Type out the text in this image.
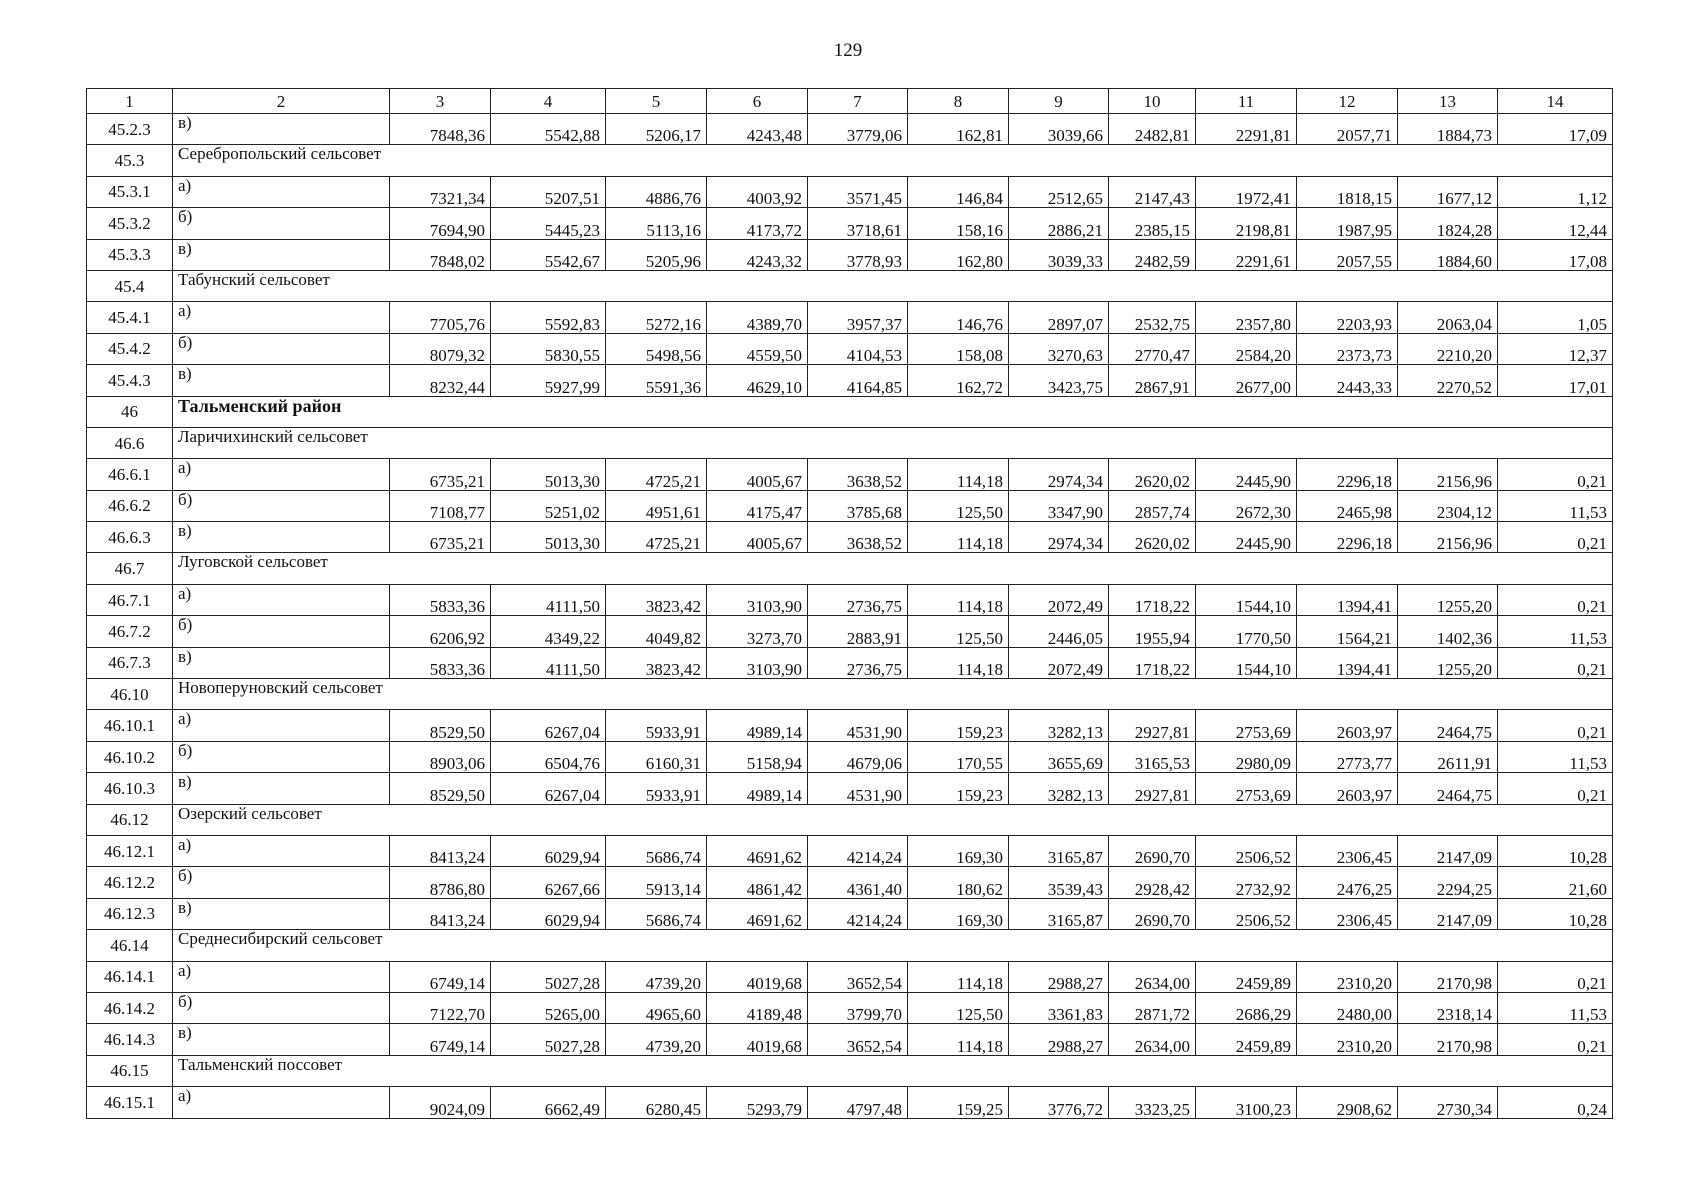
129
1	2	3	4	5	6	7	8	9	10	11	12	13	14
45.2.3	в)	7848,36	5542,88	5206,17	4243,48	3779,06	162,81	3039,66	2482,81	2291,81	2057,71	1884,73	17,09
45.3	Серебропольский сельсовет												
45.3.1	а)	7321,34	5207,51	4886,76	4003,92	3571,45	146,84	2512,65	2147,43	1972,41	1818,15	1677,12	1,12
45.3.2	б)	7694,90	5445,23	5113,16	4173,72	3718,61	158,16	2886,21	2385,15	2198,81	1987,95	1824,28	12,44
45.3.3	в)	7848,02	5542,67	5205,96	4243,32	3778,93	162,80	3039,33	2482,59	2291,61	2057,55	1884,60	17,08
45.4	Табунский сельсовет												
45.4.1	а)	7705,76	5592,83	5272,16	4389,70	3957,37	146,76	2897,07	2532,75	2357,80	2203,93	2063,04	1,05
45.4.2	б)	8079,32	5830,55	5498,56	4559,50	4104,53	158,08	3270,63	2770,47	2584,20	2373,73	2210,20	12,37
45.4.3	в)	8232,44	5927,99	5591,36	4629,10	4164,85	162,72	3423,75	2867,91	2677,00	2443,33	2270,52	17,01
46	Тальменский район												
46.6	Ларичихинский сельсовет												
46.6.1	а)	6735,21	5013,30	4725,21	4005,67	3638,52	114,18	2974,34	2620,02	2445,90	2296,18	2156,96	0,21
46.6.2	б)	7108,77	5251,02	4951,61	4175,47	3785,68	125,50	3347,90	2857,74	2672,30	2465,98	2304,12	11,53
46.6.3	в)	6735,21	5013,30	4725,21	4005,67	3638,52	114,18	2974,34	2620,02	2445,90	2296,18	2156,96	0,21
46.7	Луговской сельсовет												
46.7.1	а)	5833,36	4111,50	3823,42	3103,90	2736,75	114,18	2072,49	1718,22	1544,10	1394,41	1255,20	0,21
46.7.2	б)	6206,92	4349,22	4049,82	3273,70	2883,91	125,50	2446,05	1955,94	1770,50	1564,21	1402,36	11,53
46.7.3	в)	5833,36	4111,50	3823,42	3103,90	2736,75	114,18	2072,49	1718,22	1544,10	1394,41	1255,20	0,21
46.10	Новоперуновский сельсовет												
46.10.1	а)	8529,50	6267,04	5933,91	4989,14	4531,90	159,23	3282,13	2927,81	2753,69	2603,97	2464,75	0,21
46.10.2	б)	8903,06	6504,76	6160,31	5158,94	4679,06	170,55	3655,69	3165,53	2980,09	2773,77	2611,91	11,53
46.10.3	в)	8529,50	6267,04	5933,91	4989,14	4531,90	159,23	3282,13	2927,81	2753,69	2603,97	2464,75	0,21
46.12	Озерский сельсовет												
46.12.1	а)	8413,24	6029,94	5686,74	4691,62	4214,24	169,30	3165,87	2690,70	2506,52	2306,45	2147,09	10,28
46.12.2	б)	8786,80	6267,66	5913,14	4861,42	4361,40	180,62	3539,43	2928,42	2732,92	2476,25	2294,25	21,60
46.12.3	в)	8413,24	6029,94	5686,74	4691,62	4214,24	169,30	3165,87	2690,70	2506,52	2306,45	2147,09	10,28
46.14	Среднесибирский сельсовет												
46.14.1	а)	6749,14	5027,28	4739,20	4019,68	3652,54	114,18	2988,27	2634,00	2459,89	2310,20	2170,98	0,21
46.14.2	б)	7122,70	5265,00	4965,60	4189,48	3799,70	125,50	3361,83	2871,72	2686,29	2480,00	2318,14	11,53
46.14.3	в)	6749,14	5027,28	4739,20	4019,68	3652,54	114,18	2988,27	2634,00	2459,89	2310,20	2170,98	0,21
46.15	Тальменский поссовет												
46.15.1	а)	9024,09	6662,49	6280,45	5293,79	4797,48	159,25	3776,72	3323,25	3100,23	2908,62	2730,34	0,24
